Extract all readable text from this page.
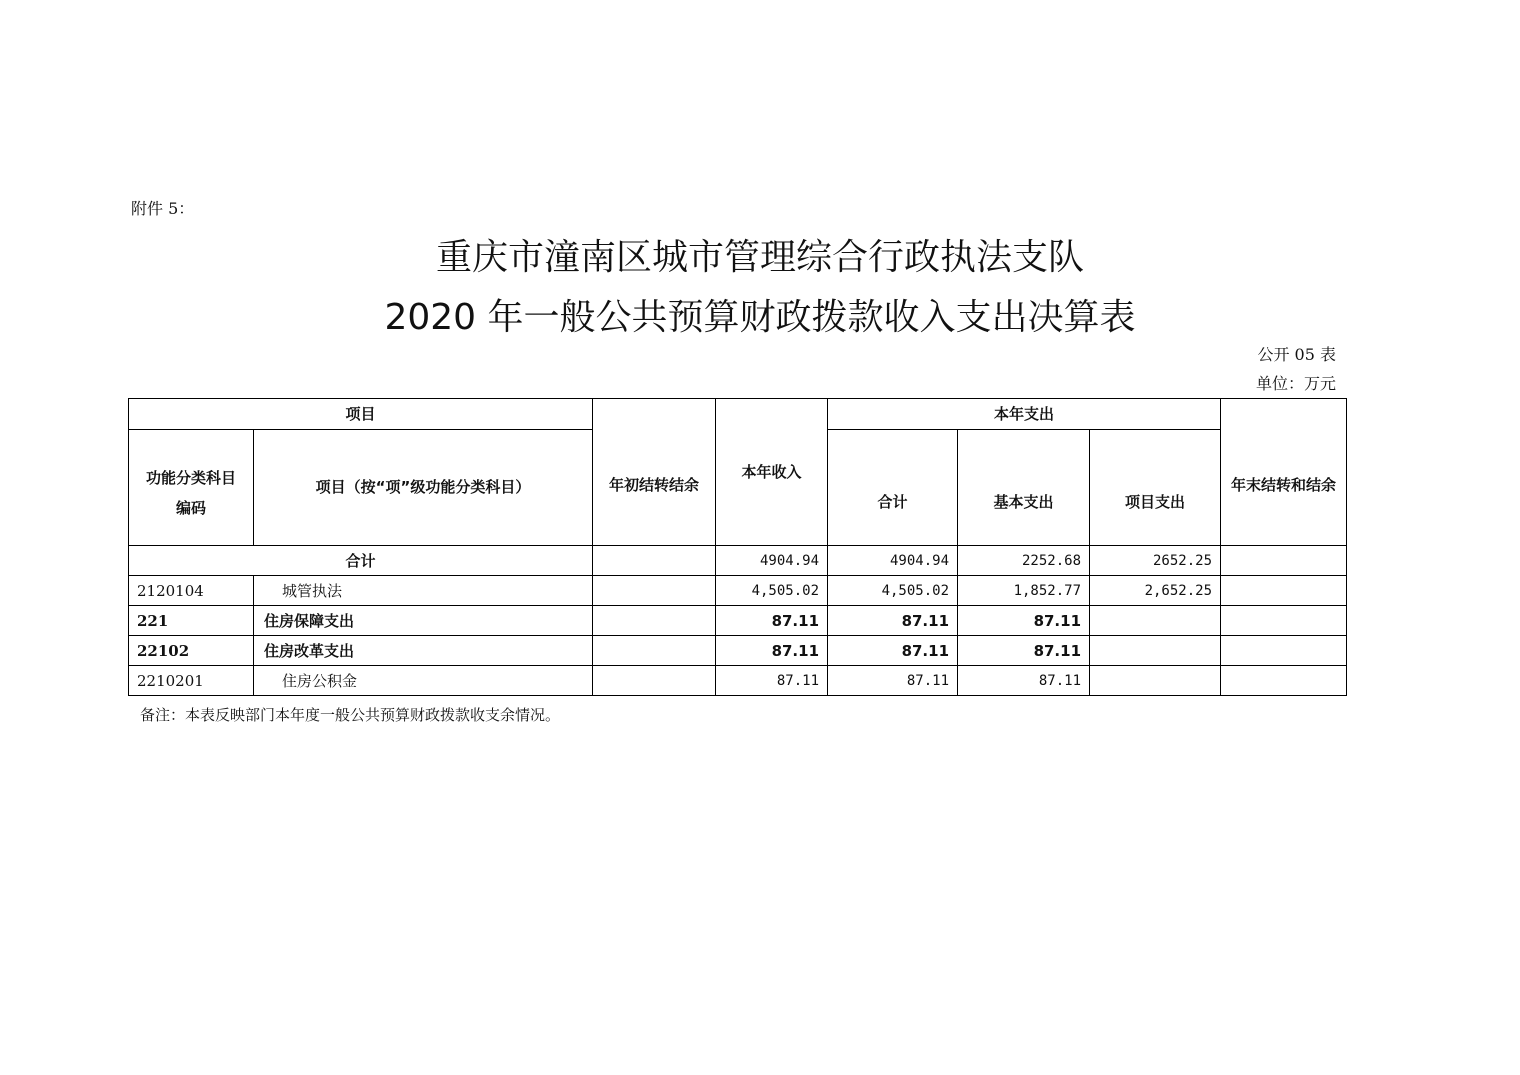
附件 5：
重庆市潼南区城市管理综合行政执法支队
2020 年一般公共预算财政拨款收入支出决算表
公开 05 表
单位：万元
项目		年初结转结余	本年收入	本年支出			年末结转和结余
功能分类科目编码	项目（按“项”级功能分类科目）			合计	基本支出	项目支出	
合计			4904.94	4904.94	2252.68	2652.25	
2120104	城管执法		4,505.02	4,505.02	1,852.77	2,652.25	
221	住房保障支出		87.11	87.11	87.11		
22102	住房改革支出		87.11	87.11	87.11		
2210201	住房公积金		87.11	87.11	87.11		
备注：本表反映部门本年度一般公共预算财政拨款收支余情况。
